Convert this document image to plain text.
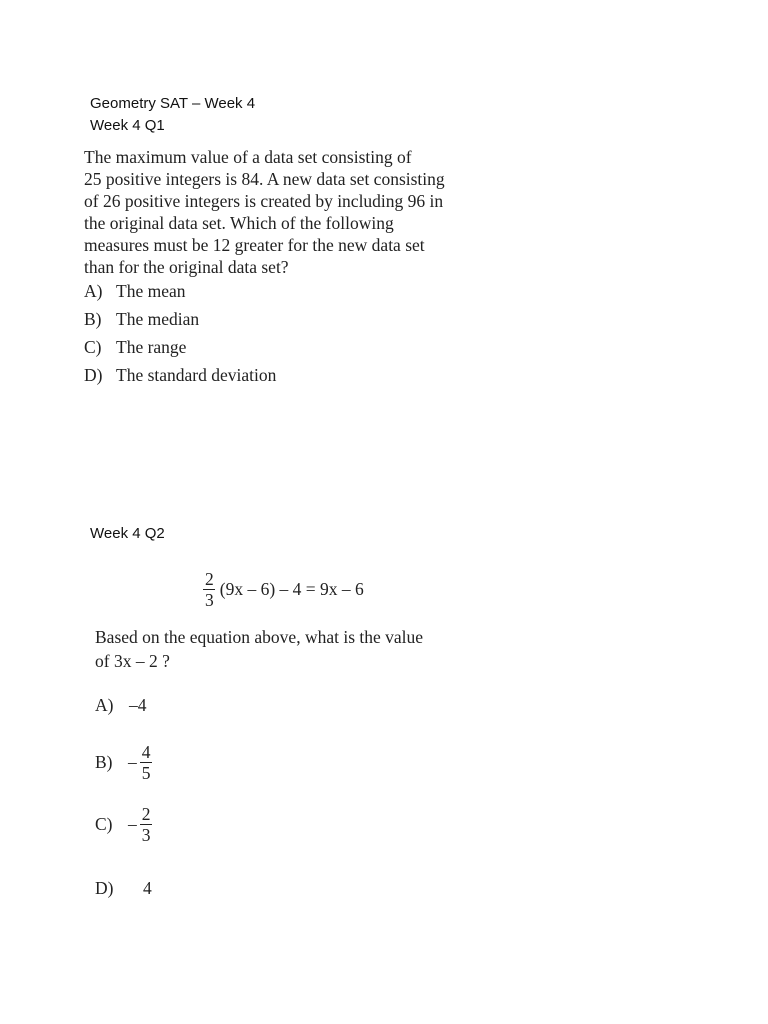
Geometry SAT – Week 4
Week 4 Q1
The maximum value of a data set consisting of
25 positive integers is 84. A new data set consisting
of 26 positive integers is created by including 96 in
the original data set. Which of the following
measures must be 12 greater for the new data set
than for the original data set?
A) The mean
B) The median
C) The range
D) The standard deviation
Week 4 Q2
$\frac{2}{3} (9x - 6) - 4 = 9x - 6$
Based on the equation above, what is the value
of 3x – 2 ?
A) –4
$B) - \frac{4}{5}$
$C) - \frac{2}{3}$
D) 4
